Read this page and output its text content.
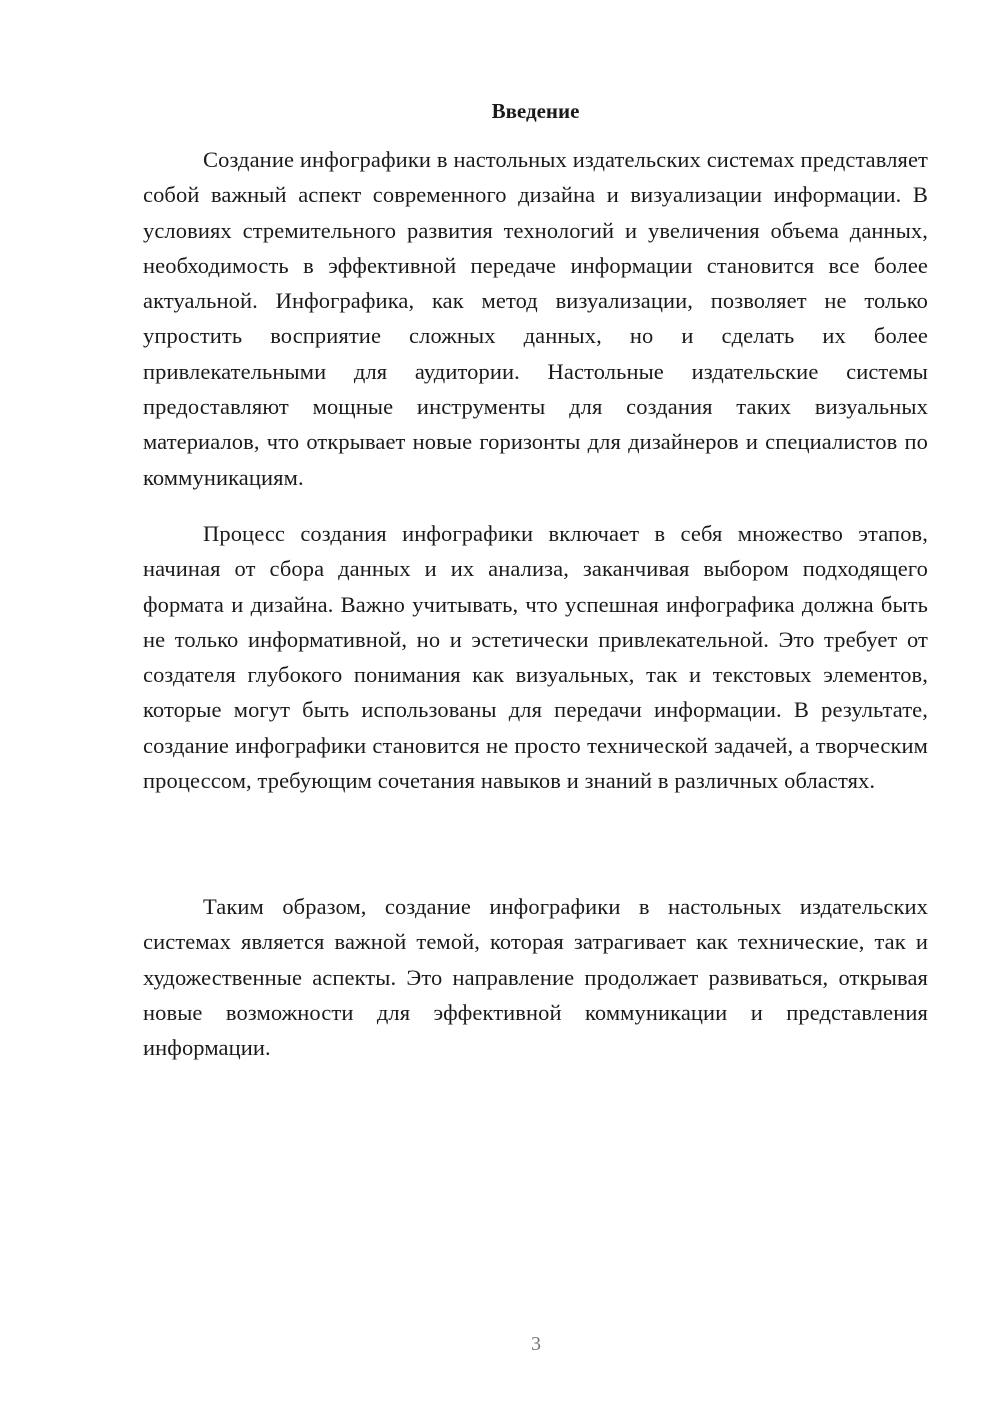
Введение

Создание инфографики в настольных издательских системах представляет собой важный аспект современного дизайна и визуализации информации. В условиях стремительного развития технологий и увеличения объема данных, необходимость в эффективной передаче информации становится все более актуальной. Инфографика, как метод визуализации, позволяет не только упростить восприятие сложных данных, но и сделать их более привлекательными для аудитории. Настольные издательские системы предоставляют мощные инструменты для создания таких визуальных материалов, что открывает новые горизонты для дизайнеров и специалистов по коммуникациям.

Процесс создания инфографики включает в себя множество этапов, начиная от сбора данных и их анализа, заканчивая выбором подходящего формата и дизайна. Важно учитывать, что успешная инфографика должна быть не только информативной, но и эстетически привлекательной. Это требует от создателя глубокого понимания как визуальных, так и текстовых элементов, которые могут быть использованы для передачи информации. В результате, создание инфографики становится не просто технической задачей, а творческим процессом, требующим сочетания навыков и знаний в различных областях.

Таким образом, создание инфографики в настольных издательских системах является важной темой, которая затрагивает как технические, так и художественные аспекты. Это направление продолжает развиваться, открывая новые возможности для эффективной коммуникации и представления информации.

3
